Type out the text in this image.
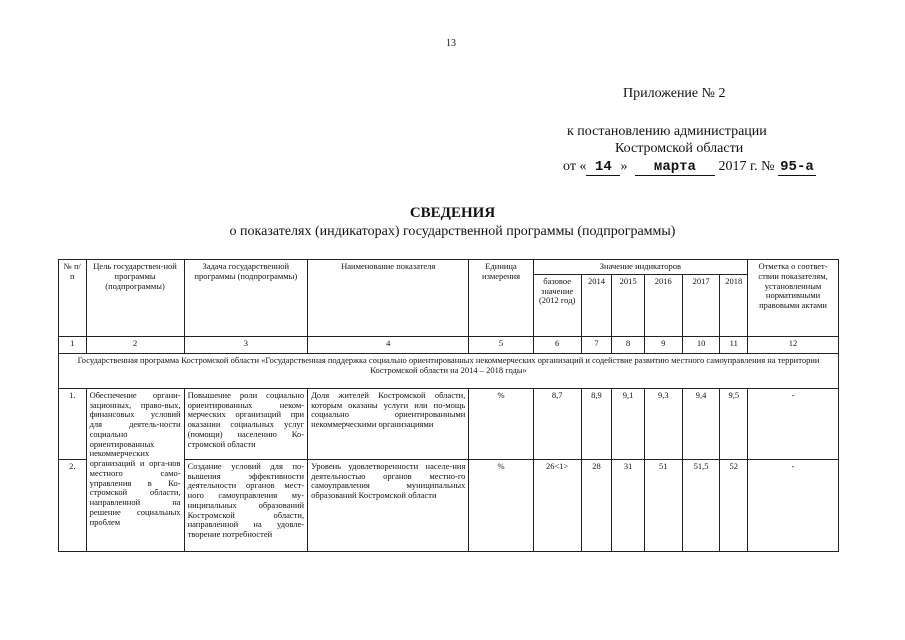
13
Приложение № 2
к постановлению администрации
Костромской области
от « 14 » марта 2017 г. № 95-а
СВЕДЕНИЯ
о показателях (индикаторах) государственной программы (подпрограммы)
№ п/п	Цель государствен-ной программы (подпрограммы)	Задача государственной программы (подпрограммы)	Наименование показателя	Единица измерения	Значение индикаторов						Отметка о соответ-ствии показателям, установленным нормативными правовыми актами
					базовое значение (2012 год)	2014	2015	2016	2017	2018	
1	2	3	4	5	6	7	8	9	10	11	12
Государственная программа Костромской области «Государственная поддержка социально ориентированных некоммерческих организаций и содействие развитию местного самоуправления на территории Костромской области на 2014 – 2018 годы»											
1.	Обеспечение органи-зационных, право-вых, финансовых условий для деятель-ности социально ориентированных некоммерческих организаций и орга-нов местного само-управления в Ко-стромской области, направленной на решение социальных проблем	Повышение роли социально ориентированных неком-мерческих организаций при оказании социальных услуг (помощи) населению Ко-стромской области	Доля жителей Костромской области, которым оказаны услуги или по-мощь социально ориентированными некоммерческими организациями	%	8,7	8,9	9,1	9,3	9,4	9,5	-
2.		Создание условий для по-вышения эффективности деятельности органов мест-ного самоуправления му-ниципальных образований Костромской области, направленной на удовле-творение потребностей	Уровень удовлетворенности населе-ния деятельностью органов местно-го самоуправления муниципальных образований Костромской области	%	26<1>	28	31	51	51,5	52	-
